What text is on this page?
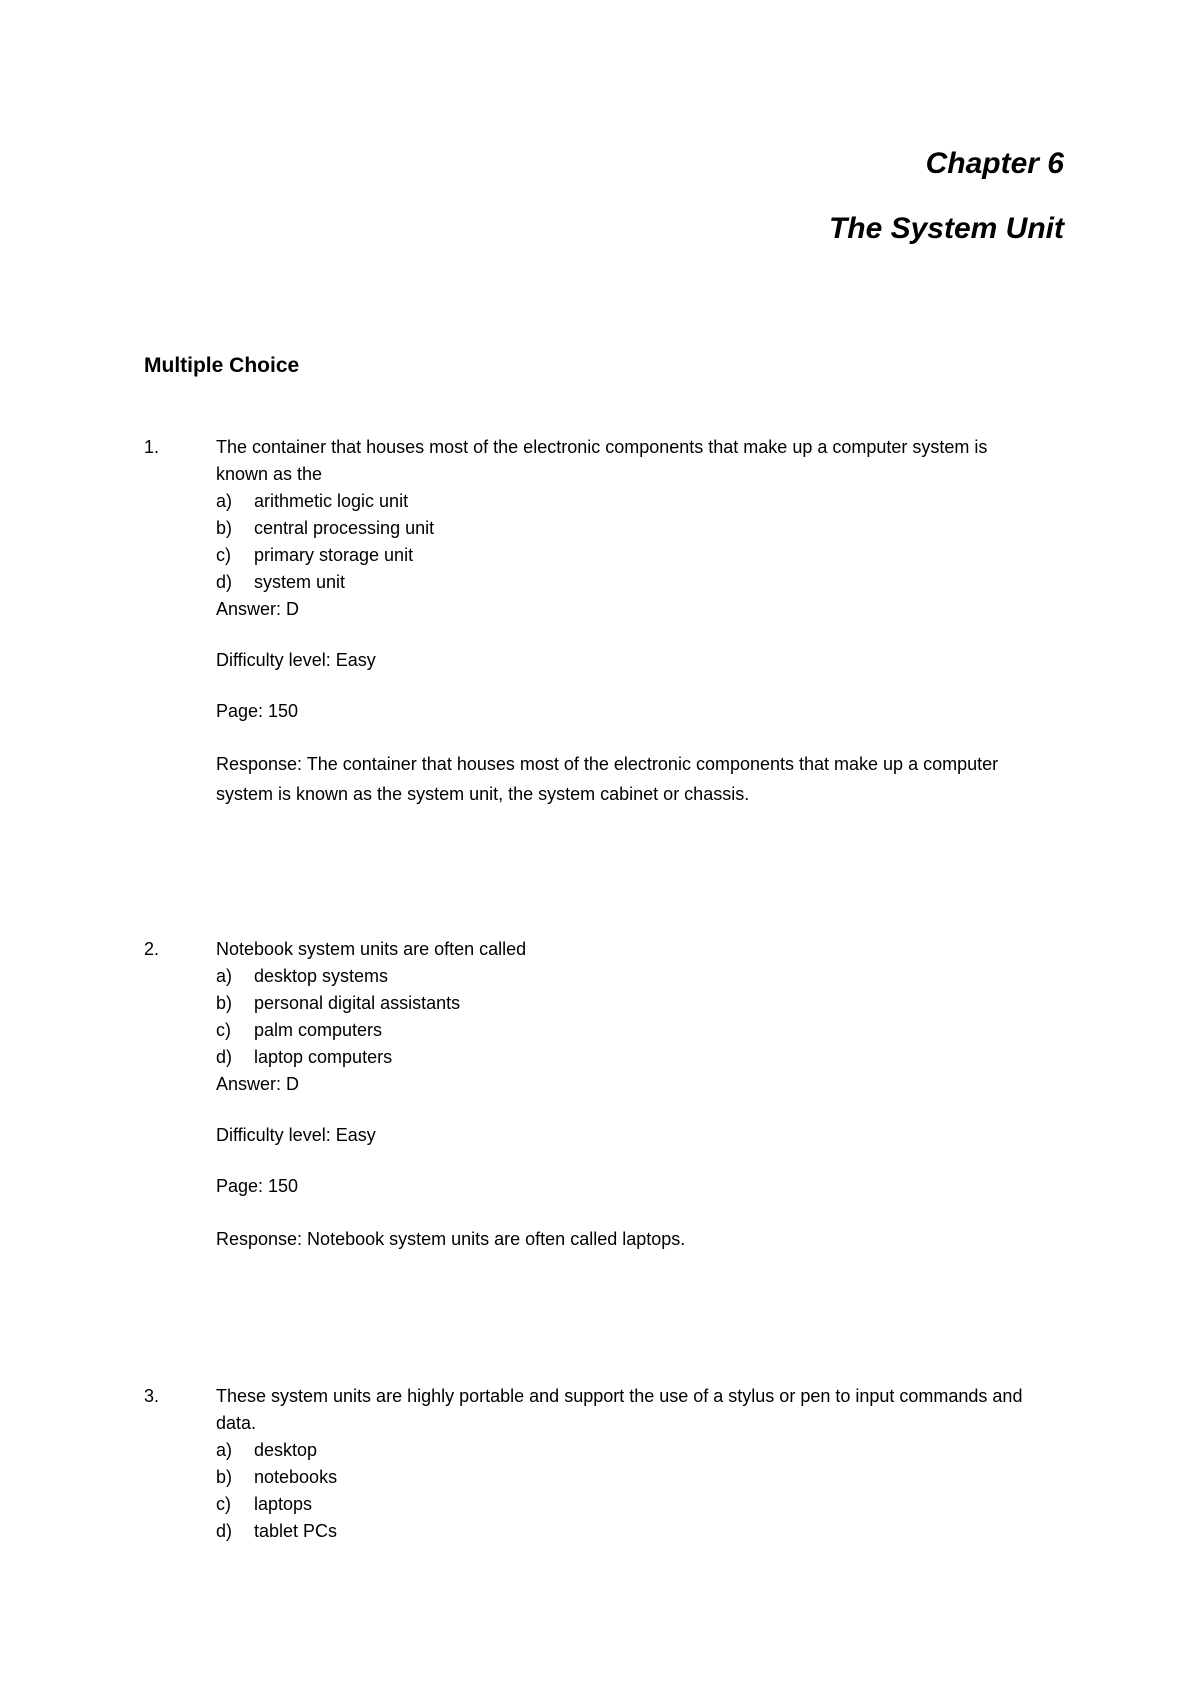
Chapter 6
The System Unit
Multiple Choice
1.	The container that houses most of the electronic components that make up a computer system is known as the

a)	arithmetic logic unit
b)	central processing unit
c)	primary storage unit
d)	system unit

Answer: D

Difficulty level: Easy

Page: 150

Response: The container that houses most of the electronic components that make up a computer system is known as the system unit, the system cabinet or chassis.

2.	Notebook system units are often called

a)	desktop systems
b)	personal digital assistants
c)	palm computers
d)	laptop computers

Answer: D

Difficulty level: Easy

Page: 150

Response: Notebook system units are often called laptops.

3.	These system units are highly portable and support the use of a stylus or pen to input commands and data.

a)	desktop
b)	notebooks
c)	laptops
d)	tablet PCs
